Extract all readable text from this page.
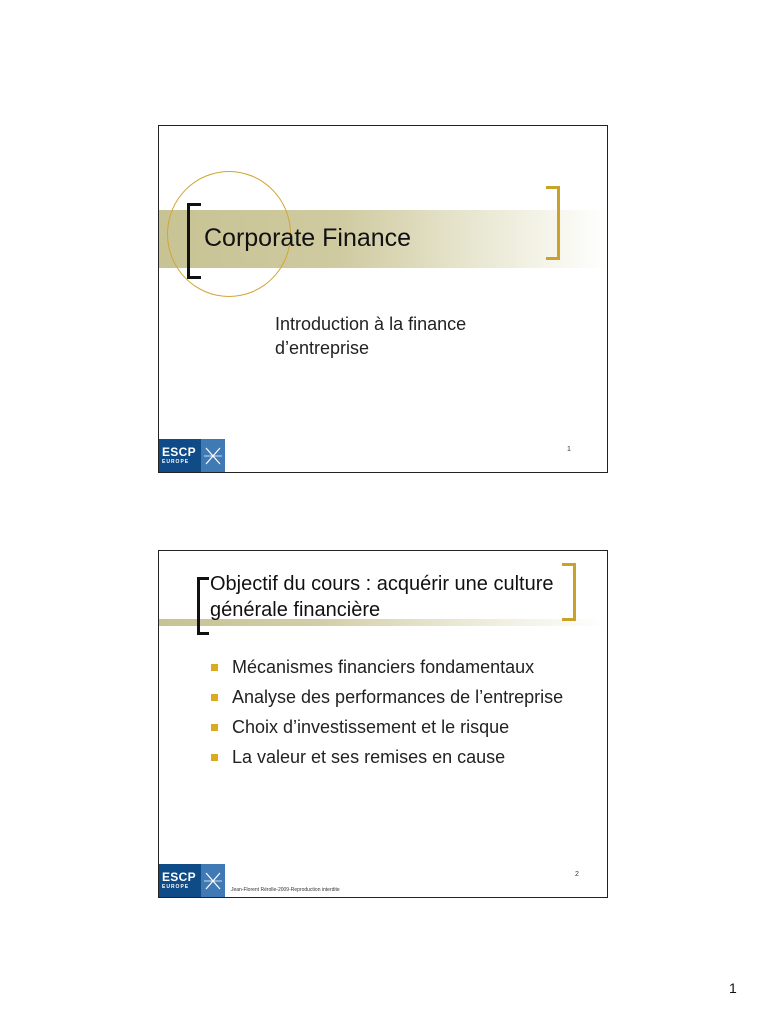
Corporate Finance
Introduction à la finance d’entreprise
1
ESCP
EUROPE
Objectif du cours : acquérir une culture générale financière
Mécanismes financiers fondamentaux
Analyse des performances de l’entreprise
Choix d’investissement et le risque
La valeur et ses remises en cause
2
Jean-Florent Rérolle-2009-Reproduction interdite
ESCP
EUROPE
1
